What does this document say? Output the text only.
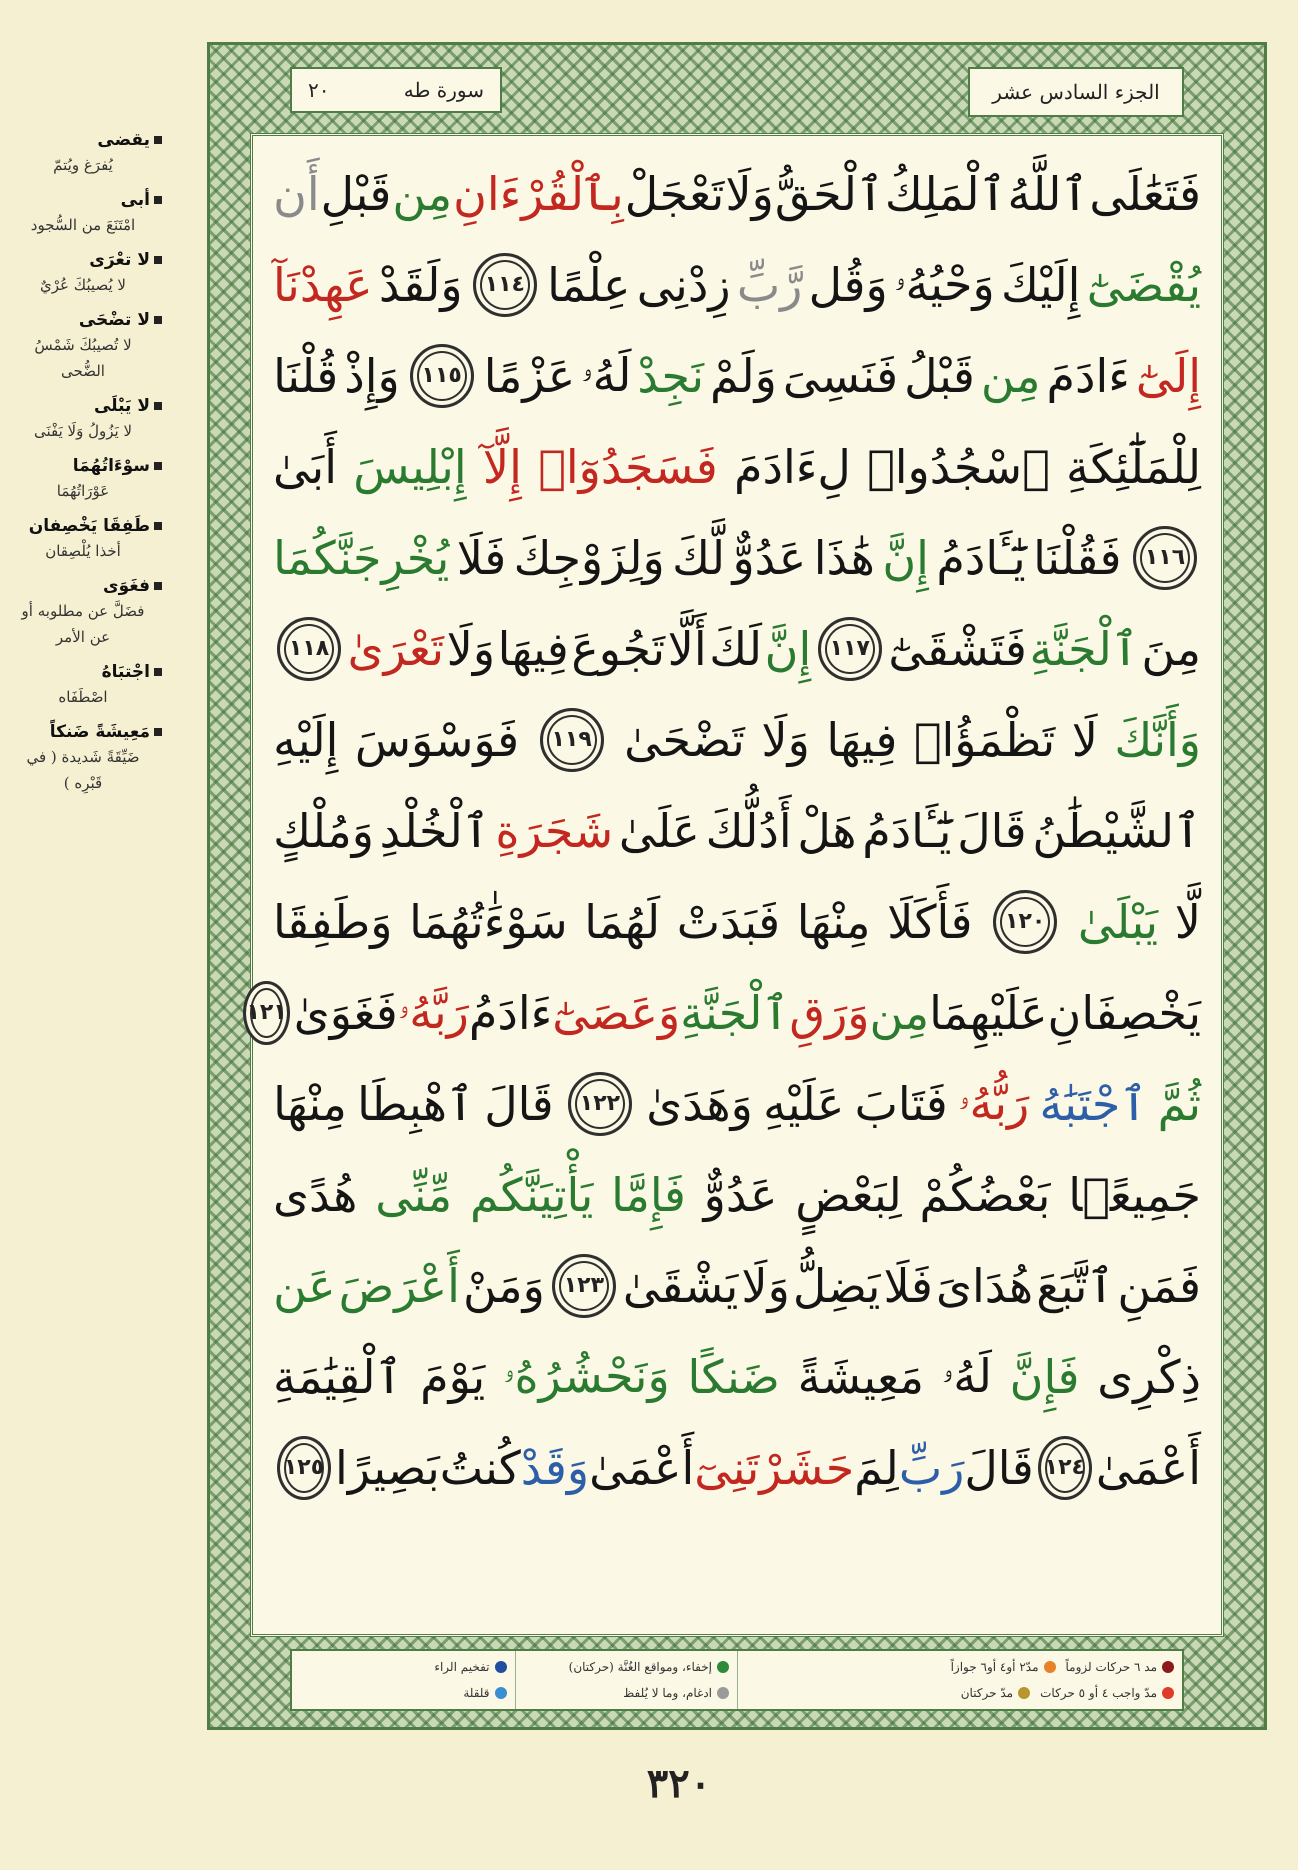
يقضى
يُفرَغ ويُتمّ
أبى
امْتَنَعَ من السُّجود
لا تعْرَى
لا يُصيبُكَ عُرْيٌ
لا تضْحَى
لا تُصيبُكَ شَمْسُ الضُّحى
لا يَبْلَى
لا يَزُولُ وَلَا يَفْنَى
سوْءَاتُهُمَا
عَوْرَاتُهُمَا
طَفِقَا يَخْصِفان
أخذا يُلْصِقان
فغَوَى
فضَلَّ عن مطلوبه أو عن الأمر
اجْتبَاهُ
اصْطَفَاه
مَعِيشَةً ضَنكاً
ضَيِّقَةً شَديدة ( في قَبْرِه )
٢٠	سورة طه	الجزء السادس عشر
فَتَعَٰلَى
ٱللَّهُ
ٱلْمَلِكُ
ٱلْحَقُّ
وَلَا
تَعْجَلْ
بِٱلْقُرْءَانِ
مِن
قَبْلِ
أَن
يُقْضَىٰٓ
إِلَيْكَ
وَحْيُهُۥ
وَقُل
رَّبِّ
زِدْنِى
عِلْمًا
١١٤
وَلَقَدْ
عَهِدْنَآ
إِلَىٰٓ
ءَادَمَ
مِن
قَبْلُ
فَنَسِىَ
وَلَمْ
نَجِدْ
لَهُۥ
عَزْمًا
١١٥
وَإِذْ
قُلْنَا
لِلْمَلَٰٓئِكَةِ
ٱسْجُدُوا۟
لِءَادَمَ
فَسَجَدُوٓا۟
إِلَّآ
إِبْلِيسَ
أَبَىٰ
١١٦
فَقُلْنَا
يَٰٓـَٔادَمُ
إِنَّ
هَٰذَا
عَدُوٌّ
لَّكَ
وَلِزَوْجِكَ
فَلَا
يُخْرِجَنَّكُمَا
مِنَ
ٱلْجَنَّةِ
فَتَشْقَىٰٓ
١١٧
إِنَّ
لَكَ
أَلَّا
تَجُوعَ
فِيهَا
وَلَا
تَعْرَىٰ
١١٨
وَأَنَّكَ
لَا
تَظْمَؤُا۟
فِيهَا
وَلَا
تَضْحَىٰ
١١٩
فَوَسْوَسَ
إِلَيْهِ
ٱلشَّيْطَٰنُ
قَالَ
يَٰٓـَٔادَمُ
هَلْ
أَدُلُّكَ
عَلَىٰ
شَجَرَةِ
ٱلْخُلْدِ
وَمُلْكٍ
لَّا
يَبْلَىٰ
١٢٠
فَأَكَلَا
مِنْهَا
فَبَدَتْ
لَهُمَا
سَوْءَٰتُهُمَا
وَطَفِقَا
يَخْصِفَانِ
عَلَيْهِمَا
مِن
وَرَقِ
ٱلْجَنَّةِ
وَعَصَىٰٓ
ءَادَمُ
رَبَّهُۥ
فَغَوَىٰ
١٢١
ثُمَّ
ٱجْتَبَٰهُ
رَبُّهُۥ
فَتَابَ
عَلَيْهِ
وَهَدَىٰ
١٢٢
قَالَ
ٱهْبِطَا
مِنْهَا
جَمِيعًۢا
بَعْضُكُمْ
لِبَعْضٍ
عَدُوٌّ
فَإِمَّا
يَأْتِيَنَّكُم
مِّنِّى
هُدًى
فَمَنِ
ٱتَّبَعَ
هُدَاىَ
فَلَا
يَضِلُّ
وَلَا
يَشْقَىٰ
١٢٣
وَمَنْ
أَعْرَضَ
عَن
ذِكْرِى
فَإِنَّ
لَهُۥ
مَعِيشَةً
ضَنكًا
وَنَحْشُرُهُۥ
يَوْمَ
ٱلْقِيَٰمَةِ
أَعْمَىٰ
١٢٤
قَالَ
رَبِّ
لِمَ
حَشَرْتَنِىٓ
أَعْمَىٰ
وَقَدْ
كُنتُ
بَصِيرًا
١٢٥
مد ٦ حركات لزوماً
مدّ٢ أو٤ أو٦ جوازاً
مدّ واجب ٤ أو ٥ حركات
مدّ حركتان
إخفاء، ومواقع الغُنَّة (حركتان)
ادغام، وما لا يُلفظ
تفخيم الراء
قلقلة
٣٢٠
